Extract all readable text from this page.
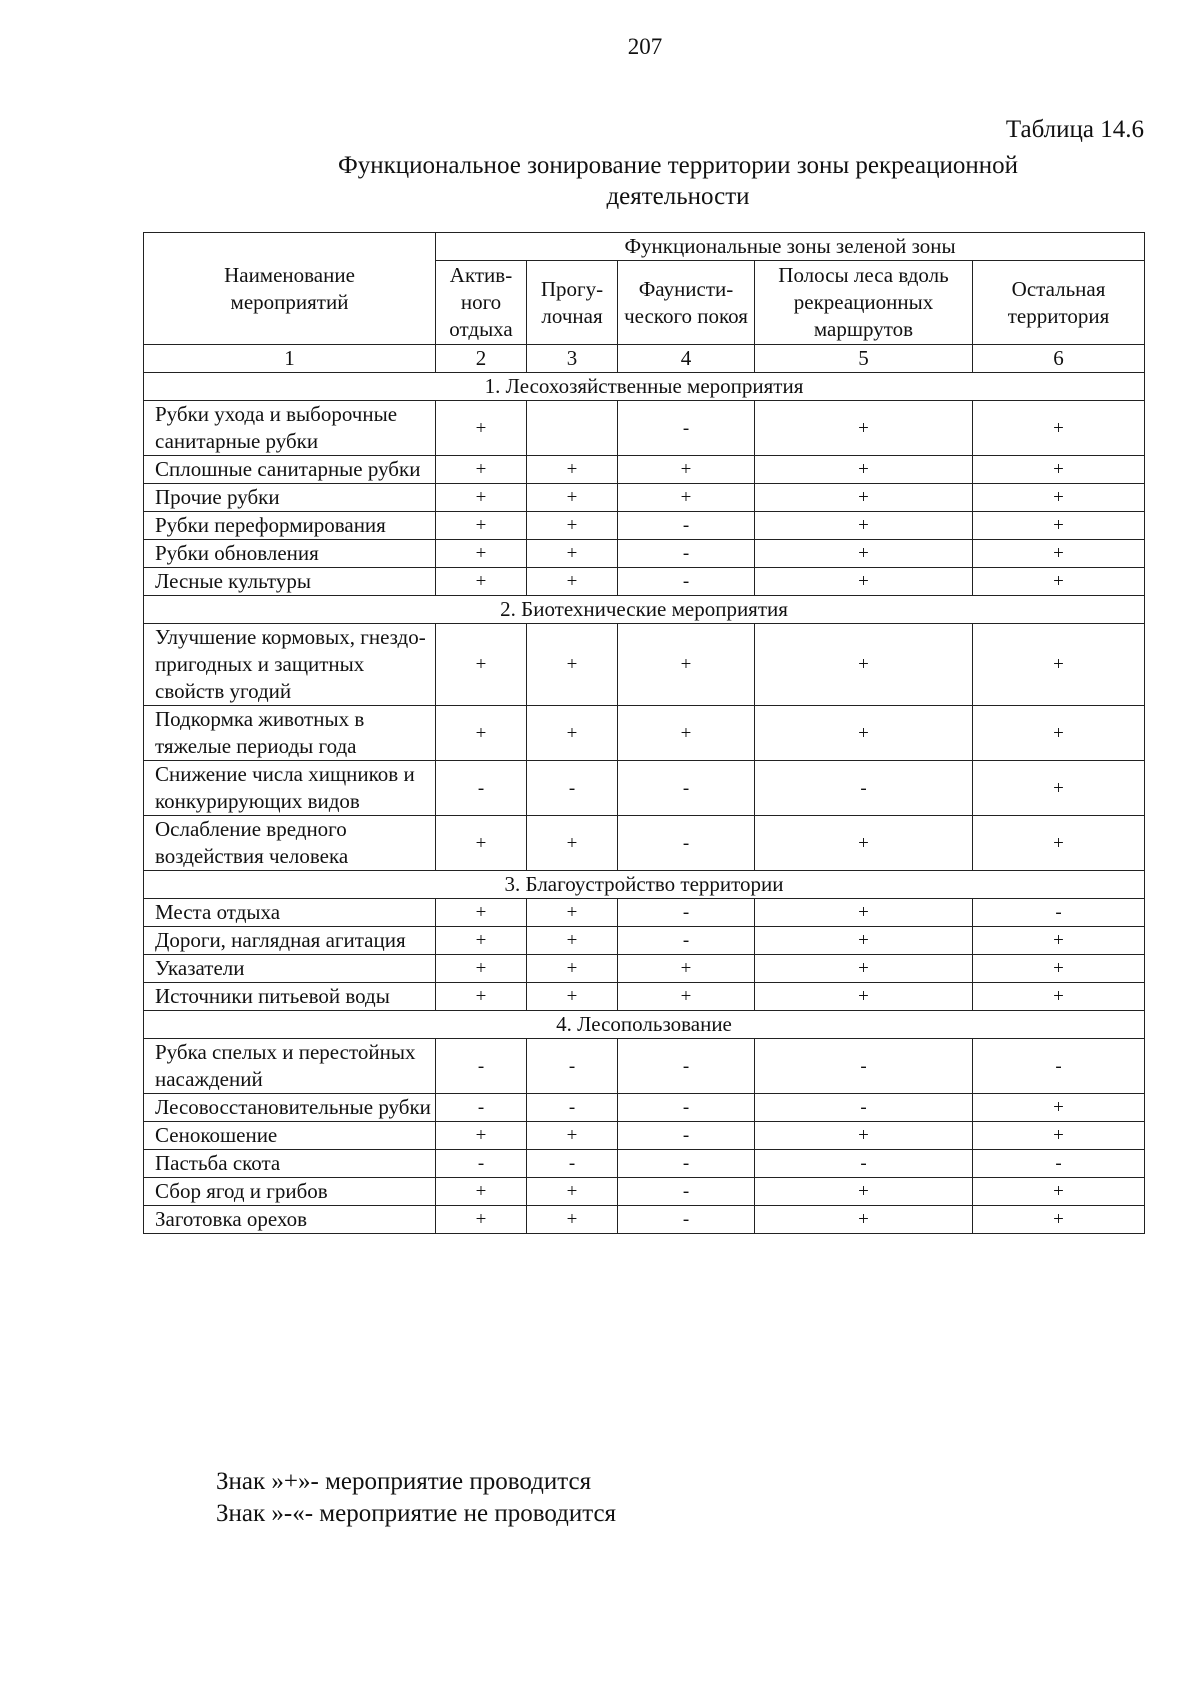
207
Таблица 14.6
Функциональное зонирование территории зоны рекреационной
деятельности
Наименование мероприятий	Функциональные зоны зеленой зоны				
	Актив-ного отдыха	Прогу-лочная	Фаунисти-ческого покоя	Полосы леса вдоль рекреационных маршрутов	Остальная территория
1	2	3	4	5	6
1. Лесохозяйственные мероприятия					
Рубки ухода и выборочные санитарные рубки	+		-	+	+
Сплошные санитарные рубки	+	+	+	+	+
Прочие рубки	+	+	+	+	+
Рубки переформирования	+	+	-	+	+
Рубки обновления	+	+	-	+	+
Лесные культуры	+	+	-	+	+
2. Биотехнические мероприятия					
Улучшение кормовых, гнездо-пригодных и защитных свойств угодий	+	+	+	+	+
Подкормка животных в тяжелые периоды года	+	+	+	+	+
Снижение числа хищников и конкурирующих видов	-	-	-	-	+
Ослабление вредного воздействия человека	+	+	-	+	+
3. Благоустройство территории					
Места отдыха	+	+	-	+	-
Дороги, наглядная агитация	+	+	-	+	+
Указатели	+	+	+	+	+
Источники питьевой воды	+	+	+	+	+
4. Лесопользование					
Рубка спелых и перестойных насаждений	-	-	-	-	-
Лесовосстановительные рубки	-	-	-	-	+
Сенокошение	+	+	-	+	+
Пастьба скота	-	-	-	-	-
Сбор ягод и грибов	+	+	-	+	+
Заготовка орехов	+	+	-	+	+
Знак »+»- мероприятие проводится
Знак »-«- мероприятие не проводится
